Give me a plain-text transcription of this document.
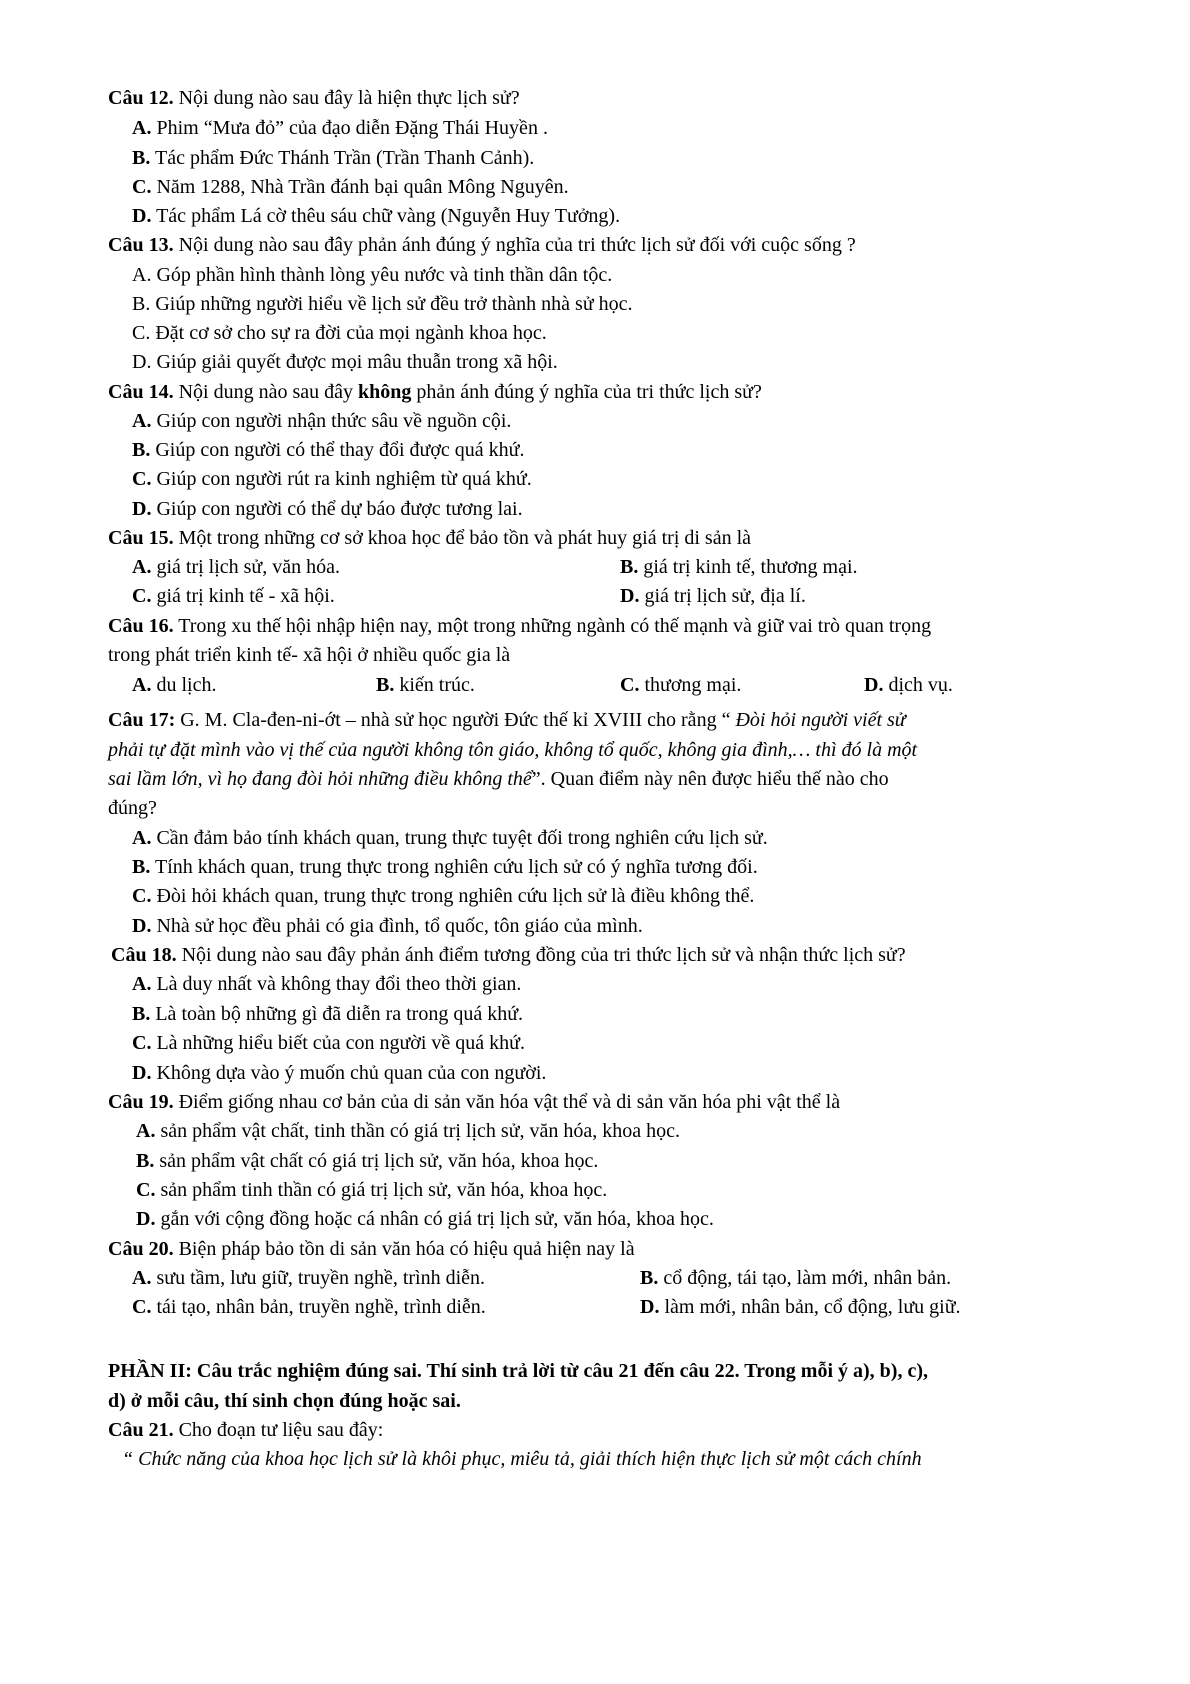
Câu 12. Nội dung nào sau đây là hiện thực lịch sử?
A. Phim “Mưa đỏ” của đạo diễn Đặng Thái Huyền .
B. Tác phẩm Đức Thánh Trần (Trần Thanh Cảnh).
C. Năm 1288, Nhà Trần đánh bại quân Mông Nguyên.
D. Tác phẩm Lá cờ thêu sáu chữ vàng (Nguyễn Huy Tưởng).
Câu 13. Nội dung nào sau đây phản ánh đúng ý nghĩa của tri thức lịch sử đối với cuộc sống ?
A. Góp phần hình thành lòng yêu nước và tinh thần dân tộc.
B. Giúp những người hiểu về lịch sử đều trở thành nhà sử học.
C. Đặt cơ sở cho sự ra đời của mọi ngành khoa học.
D. Giúp giải quyết được mọi mâu thuẫn trong xã hội.
Câu 14. Nội dung nào sau đây không phản ánh đúng ý nghĩa của tri thức lịch sử?
A. Giúp con người nhận thức sâu về nguồn cội.
B. Giúp con người có thể thay đổi được quá khứ.
C. Giúp con người rút ra kinh nghiệm từ quá khứ.
D. Giúp con người có thể dự báo được tương lai.
Câu 15. Một trong những cơ sở khoa học để bảo tồn và phát huy giá trị di sản là
A. giá trị lịch sử, văn hóa.	B. giá trị kinh tế, thương mại.
C. giá trị kinh tế - xã hội.	D. giá trị lịch sử, địa lí.
Câu 16. Trong xu thế hội nhập hiện nay, một trong những ngành có thế mạnh và giữ vai trò quan trọng
trong phát triển kinh tế- xã hội ở nhiều quốc gia là
A. du lịch.	B. kiến trúc.	C. thương mại.	D. dịch vụ.
Câu 17: G. M. Cla-đen-ni-ớt – nhà sử học người Đức thế kỉ XVIII cho rằng “ Đòi hỏi người viết sử
phải tự đặt mình vào vị thế của người không tôn giáo, không tổ quốc, không gia đình,… thì đó là một
sai lầm lớn, vì họ đang đòi hỏi những điều không thể”. Quan điểm này nên được hiểu thế nào cho
đúng?
A. Cần đảm bảo tính khách quan, trung thực tuyệt đối trong nghiên cứu lịch sử.
B. Tính khách quan, trung thực trong nghiên cứu lịch sử có ý nghĩa tương đối.
C. Đòi hỏi khách quan, trung thực trong nghiên cứu lịch sử là điều không thể.
D. Nhà sử học đều phải có gia đình, tổ quốc, tôn giáo của mình.
Câu 18. Nội dung nào sau đây phản ánh điểm tương đồng của tri thức lịch sử và nhận thức lịch sử?
A. Là duy nhất và không thay đổi theo thời gian.
B. Là toàn bộ những gì đã diễn ra trong quá khứ.
C. Là những hiểu biết của con người về quá khứ.
D. Không dựa vào ý muốn chủ quan của con người.
Câu 19. Điểm giống nhau cơ bản của di sản văn hóa vật thể và di sản văn hóa phi vật thể là
A. sản phẩm vật chất, tinh thần có giá trị lịch sử, văn hóa, khoa học.
B. sản phẩm vật chất có giá trị lịch sử, văn hóa, khoa học.
C. sản phẩm tinh thần có giá trị lịch sử, văn hóa, khoa học.
D. gắn với cộng đồng hoặc cá nhân có giá trị lịch sử, văn hóa, khoa học.
Câu 20. Biện pháp bảo tồn di sản văn hóa có hiệu quả hiện nay là
A. sưu tầm, lưu giữ, truyền nghề, trình diễn.	B. cổ động, tái tạo, làm mới, nhân bản.
C. tái tạo, nhân bản, truyền nghề, trình diễn.	D. làm mới, nhân bản, cổ động, lưu giữ.
PHẦN II: Câu trắc nghiệm đúng sai. Thí sinh trả lời từ câu 21 đến câu 22. Trong mỗi ý a), b), c),
d) ở mỗi câu, thí sinh chọn đúng hoặc sai.
Câu 21. Cho đoạn tư liệu sau đây:
“ Chức năng của khoa học lịch sử là khôi phục, miêu tả, giải thích hiện thực lịch sử một cách chính
